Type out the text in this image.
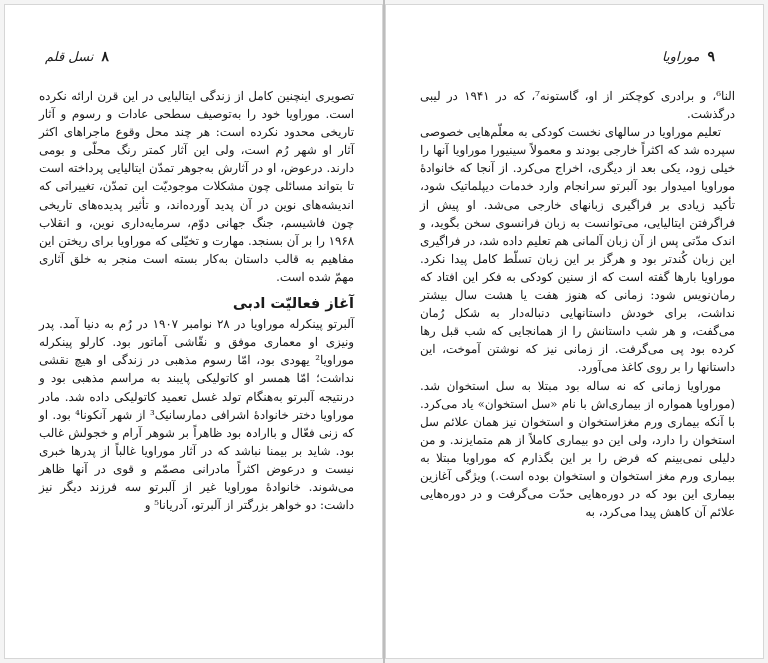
۸
نسل قلم

تصویری اینچنین کامل از زندگی ایتالیایی در این قرن ارائه نکرده است. موراویا خود را به‌توصیف سطحی عادات و رسوم و آثار تاریخی محدود نکرده است: هر چند محل وقوع ماجراهای اکثر آثار او شهر رُم است، ولی این آثار کمتر رنگ محلّی و بومی دارند. درعوض، او در آثارش به‌جوهر تمدّن ایتالیایی پرداخته است تا بتواند مسائلی چون مشکلات موجودیّت این تمدّن، تغییراتی که اندیشه‌های نوین در آن پدید آورده‌اند، و تأثیر پدیده‌های تاریخی چون فاشیسم، جنگ جهانی دوّم، سرمایه‌داری نوین، و انقلاب ۱۹۶۸ را بر آن بسنجد. مهارت و تخیّلی که موراویا برای ریختن این مفاهیم به قالب داستان به‌کار بسته است منجر به خلق آثاری مهمّ شده است.

آغاز فعالیّت ادبی

آلبرتو پینکرله موراویا در ۲۸ نوامبر ۱۹۰۷ در رُم به دنیا آمد. پدر ونیزی او معماری موفق و نقّاشی آماتور بود. کارلو پینکرله موراویا² یهودی بود، امّا رسوم مذهبی در زندگی او هیچ نقشی نداشت؛ امّا همسر او کاتولیکی پایبند به مراسم مذهبی بود و درنتیجه آلبرتو به‌هنگام تولد غسل تعمید کاتولیکی داده شد. مادر موراویا دختر خانوادهٔ اشرافی دمارسانیک³ از شهر آنکونا⁴ بود. او که زنی فعّال و باارادہ بود ظاهراً بر شوهر آرام و خجولش غالب بود. شاید بر بیمنا نباشد که در آثار موراویا غالباً از پدرها خبری نیست و درعوض اکثراً مادرانی مصمّم و قوی در آنها ظاهر می‌شوند. خانوادهٔ موراویا غیر از آلبرتو سه فرزند دیگر نیز داشت: دو خواهر بزرگتر از آلبرتو، آدریانا⁵ و

۹
موراویا

النا⁶، و برادری کوچکتر از او، گاستونه⁷، که در ۱۹۴۱ در لیبی درگذشت.

تعلیم موراویا در سالهای نخست کودکی به معلّم‌هایی خصوصی سپرده شد که اکثراً خارجی بودند و معمولاً سینیورا موراویا آنها را خیلی زود، یکی بعد از دیگری، اخراج می‌کرد. از آنجا که خانوادهٔ موراویا امیدوار بود آلبرتو سرانجام وارد خدمات دیپلماتیک شود، تأکید زیادی بر فراگیری زبانهای خارجی می‌شد. او پیش از فراگرفتن ایتالیایی، می‌توانست به زبان فرانسوی سخن بگوید، و اندک مدّتی پس از آن زبان آلمانی هم تعلیم داده شد، در فراگیری این زبان کُندتر بود و هرگز بر این زبان تسلّط کامل پیدا نکرد. موراویا بارها گفته است که از سنین کودکی به فکر این افتاد که رمان‌نویس شود: زمانی که هنوز هفت یا هشت سال بیشتر نداشت، برای خودش داستانهایی دنباله‌دار به شکل رُمان می‌گفت، و هر شب داستانش را از همانجایی که شب قبل رها کرده بود پی می‌گرفت. از زمانی نیز که نوشتن آموخت، این داستانها را بر روی کاغذ می‌آورد.

موراویا زمانی که نه ساله بود مبتلا به سل استخوان شد. (موراویا همواره از بیماری‌اش با نام «سل استخوان» یاد می‌کرد. با آنکه بیماری ورم مغزاستخوان و استخوان نیز همان علائم سل استخوان را دارد، ولی این دو بیماری کاملاً از هم متمایزند. و من دلیلی نمی‌بینم که فرض را بر این بگذارم که موراویا مبتلا به بیماری ورم مغز استخوان و استخوان بوده است.) ویژگی آغازین بیماری این بود که در دوره‌هایی حدّت می‌گرفت و در دوره‌هایی علائم آن کاهش پیدا می‌کرد، به
